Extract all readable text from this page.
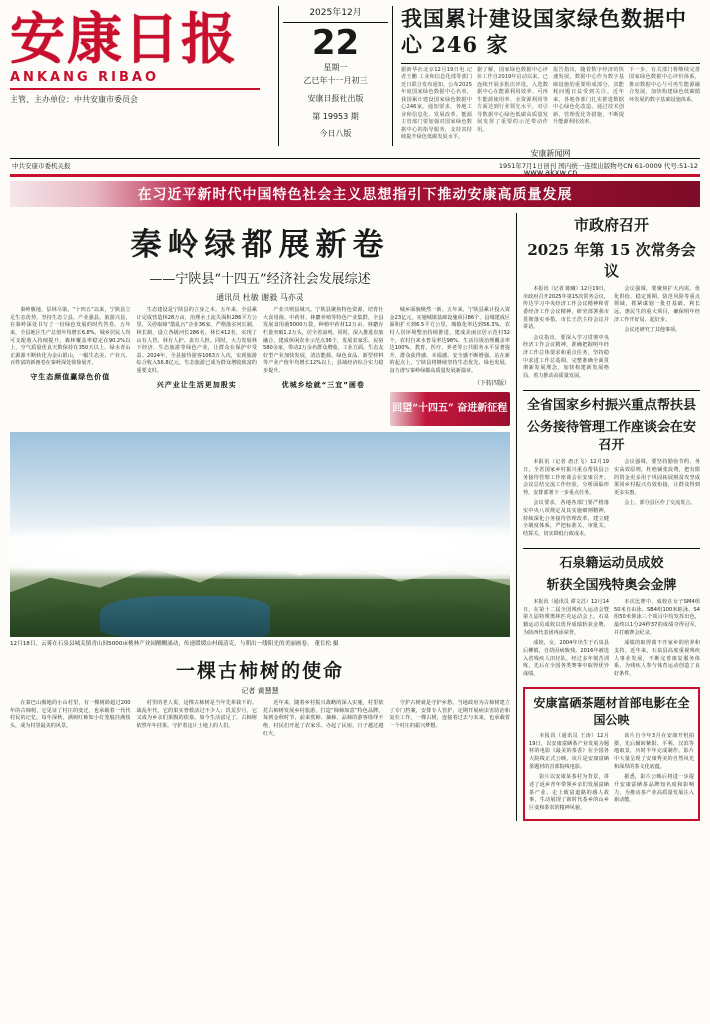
安康日报
ANKANG RIBAO
主管、主办单位：中共安康市委员会
2025年12月
22
星期一
乙巳年十一月初三
安康日报社出版
第 19953 期
今日八版
我国累计建设国家绿色数据中心 246 家
据新华社北京12月19日电 记者王鹏 工业和信息化部等部门近日联合发布通知，公布2025年度国家绿色数据中心名单，我国累计建设国家绿色数据中心246家。通知要求，各地工业和信息化、发展改革、能源主管部门要加强对国家绿色数据中心的指导服务，支持其持续提升绿色低碳发展水平。
据了解，国家绿色数据中心评价工作自2019年启动以来，已连续开展多批次评选。入选数据中心在能源利用效率、可再生能源使用率、水资源利用等方面达到行业领先水平，对引导数据中心绿色低碳高质量发展发挥了重要的示范带动作用。
报告指出，随着数字经济的快速发展，数据中心作为数字基础设施的重要组成部分，其能耗问题日益受到关注。近年来，各地各部门扎实推进数据中心绿色化改造，通过技术创新、管理优化等措施，不断提升能源利用效率。
下一步，有关部门将继续完善国家绿色数据中心评价体系，推动数据中心与可再生能源融合发展，加快构建绿色低碳循环发展的数字基础设施体系。
安康新闻网
www.akxw.cn
中共安康市委机关报	1951年7月1日创刊 国内统一连续出版物号CN 61-0009 代号:51-12
在习近平新时代中国特色社会主义思想指引下推动安康高质量发展
秦岭绿都展新卷
——宁陕县“十四五”经济社会发展综述
通讯员 杜敏 谢毅 马亦灵

秦岭腹地，层林尽染。“十四五”以来，宁陕县立足生态优势，坚持生态立县、产业强县、旅游兴县，在秦岭深处书写了一份绿色发展的时代答卷。五年来，全县地区生产总值年均增长6.8%，城乡居民人均可支配收入持续提升，森林覆盖率稳定在90.2%以上，空气质量优良天数保持在350天以上。绿水青山正源源不断转化为金山银山，一幅生态美、产业兴、百姓富的新画卷在秦岭深处徐徐展开。

守生态颜值赢绿色价值

生态建设是宁陕县的立身之本。五年来，全县累计完成营造林28万亩，治理水土流失面积286平方公里，关停取缔“散乱污”企业36家。严格落实河长制、林长制，设立各级河长286名、林长412名，实现了山有人管、林有人护、责有人担。同时，大力发展林下经济、生态旅游等绿色产业，让群众在保护中受益。2024年，全县接待游客1063万人次，实现旅游综合收入56.8亿元，生态旅游已成为群众增收致富的重要支柱。

兴产业让生活更加殷实

产业兴则县域兴。宁陕县聚焦特色资源，培育壮大食用菌、中药材、林麝养殖等特色产业集群。全县发展食用菌5000万袋，种植中药材12万亩，林麝存栏量突破1.2万头，居全省前列。同时，深入推进农旅融合，建成休闲农业示范点36个，发展农家乐、民宿580余家，带动2万余名群众增收。工业方面，生态友好型产业加快发展，清洁能源、绿色食品、新型材料等产业产值年均增长12%以上，县域经济综合实力稳步提升。

优城乡绘就“三宜”画卷

城乡面貌焕然一新。五年来，宁陕县累计投入资金23亿元，实施城镇基础设施项目86个，县城建成区面积扩大到6.5平方公里，城镇化率达到56.3%。农村人居环境整治持续推进，建成美丽宜居示范村32个，农村自来水普及率达98%，生活垃圾治理覆盖率达100%。教育、医疗、养老等公共服务水平显著提升，群众获得感、幸福感、安全感不断增强。站在新的起点上，宁陕县将继续坚持生态优先、绿色发展，奋力谱写秦岭绿都高质量发展新篇章。

（下转四版）
回望“十四五” 奋进新征程
12月18日，云雾在石泉县城关镇青山间5000亩桃林产业园醒醐涌动，传递缓缓山村疏清克，与朝出一缕阳光的美丽画卷。 董长松 摄
一棵古柿树的使命
记者 黄慧慧

在秦巴山腹地的小山村里，有一棵树龄超过200年的古柿树，它见证了村庄的变迁，也承载着一代代村民的记忆。每年深秋，满树红柿如小灯笼般挂满枝头，成为村里最美的风景。

村里的老人说，这棵古柿树是当年先辈栽下的。战乱年代，它的果实曾救活过不少人；饥荒岁月，它又成为乡亲们果腹的依靠。如今生活富足了，古柿树依然年年挂果，守护着这片土地上的人们。

近年来，随着乡村振兴战略的深入实施，村里依托古柿树发展乡村旅游，打造“柿柿如意”特色品牌。每到金秋时节，前来赏柿、摘柿、品柿的游客络绎不绝，村民们开起了农家乐、办起了民宿，日子越过越红火。

守护古树就是守护乡愁。当地政府为古柿树建立了专门档案，安排专人管护，定期开展病虫害防治和复壮工作。一棵古树，连接着过去与未来，也承载着一个村庄的振兴梦想。

市政府召开
2025 年第 15 次常务会议

本报讯（记者 陈曦）12月19日，市政府召开2025年第15次常务会议，传达学习中央经济工作会议精神和省委经济工作会议精神，研究部署我市贯彻落实举措。市长王浩主持会议并讲话。

会议指出，要深入学习贯彻中央经济工作会议精神，准确把握明年经济工作总体要求和重点任务，坚持稳中求进工作总基调，完整准确全面贯彻新发展理念，加快构建新发展格局，着力推动高质量发展。

会议强调，要聚焦扩大内需、优化供给、稳定预期、防范风险等重点领域，抓紧谋划一批打基础、利长远、惠民生的重大项目，确保明年经济工作开好局、起好步。

会议还研究了其他事项。

全省国家乡村振兴重点帮扶县
公务接待管理工作座谈会在安召开

本报讯（记者 唐正飞）12月19日，全省国家乡村振兴重点帮扶县公务接待管理工作座谈会在安康召开。会议总结交流工作经验，分析面临形势，安排部署下一步重点任务。

会议要求，各地各部门要严格落实中央八项规定及其实施细则精神，持续深化公务接待管理改革，建立健全制度体系，严把标准关、审批关、结算关，切实降低行政成本。

会议强调，要坚持勤俭节约、务实高效原则，杜绝铺张浪费，把有限的资金更多用于巩固拓展脱贫攻坚成果同乡村振兴有效衔接，让群众得到更多实惠。

会上，部分县区作了交流发言。

石泉籍运动员成姣
斩获全国残特奥会金牌

本报讯（通讯员 谭文昌）12月14日，在第十二届全国残疾人运动会暨第九届特殊奥林匹克运动会上，石泉籍运动员成姣以优异成绩斩获金牌，为陕西代表团再添荣誉。

成姣，女，2004年出生于石泉县后柳镇，自幼因病致残。2016年被选入省残疾人田径队，经过多年刻苦训练，先后在全国各类赛事中取得优异成绩。

本次比赛中，成姣在女子SM4组50米自由泳、SB4组100米蛙泳、S4组50米仰泳三个项目中均发挥出色，最终以1分24秒37的成绩夺得冠军，并打破赛会纪录。

成绩的取得离不开家乡的培养和支持。近年来，石泉县高度重视残疾人事业发展，不断完善康复服务体系，为残疾人参与体育运动创造了良好条件。

安康富硒茶题材首部电影在全国公映

本报讯（通讯员 王涛）12月19日，以安康富硒茶产业发展为题材的电影《最美的茶香》在全国各大院线正式公映。该片是安康富硒茶题材的首部院线电影。

影片以安康某茶村为背景，讲述了返乡青年带领乡亲们发展富硒茶产业、走上致富道路的感人故事，生动展现了新时代茶乡的山乡巨变和茶农的精神风貌。

该片自今年3月在安康开机拍摄，先后辗转紫阳、平利、汉滨等地取景，历时半年完成制作。影片中大量呈现了安康秀美的自然风光和深厚的茶文化底蕴。

据悉，影片公映后将进一步提升安康富硒茶品牌知名度和影响力，为推动茶产业高质量发展注入新动能。
